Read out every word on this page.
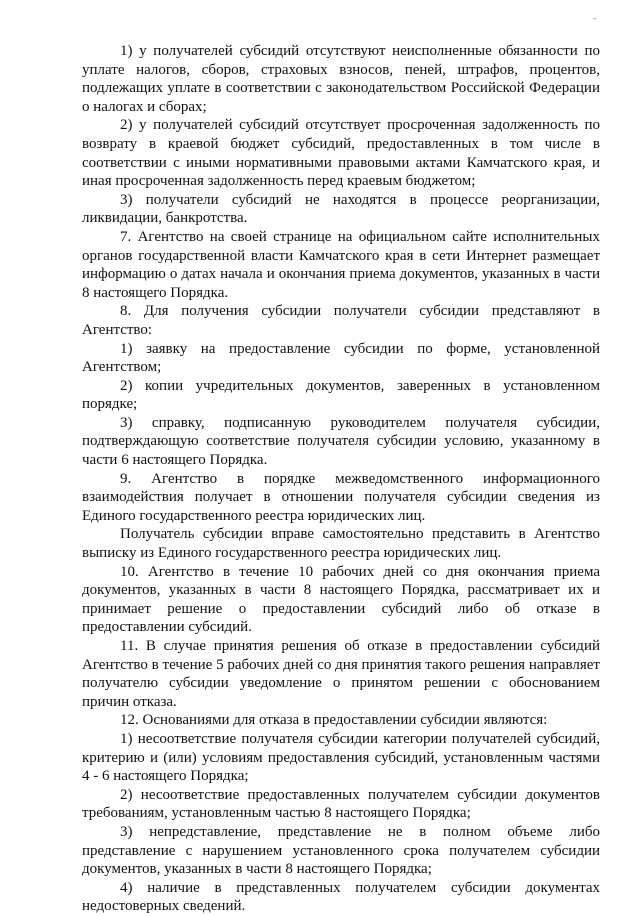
-

1) у получателей субсидий отсутствуют неисполненные обязанности по уплате налогов, сборов, страховых взносов, пеней, штрафов, процентов, подлежащих уплате в соответствии с законодательством Российской Федерации о налогах и сборах;

2) у получателей субсидий отсутствует просроченная задолженность по возврату в краевой бюджет субсидий, предоставленных в том числе в соответствии с иными нормативными правовыми актами Камчатского края, и иная просроченная задолженность перед краевым бюджетом;

3) получатели субсидий не находятся в процессе реорганизации, ликвидации, банкротства.

7. Агентство на своей странице на официальном сайте исполнительных органов государственной власти Камчатского края в сети Интернет размещает информацию о датах начала и окончания приема документов, указанных в части 8 настоящего Порядка.

8. Для получения субсидии получатели субсидии представляют в Агентство:

1) заявку на предоставление субсидии по форме, установленной Агентством;

2) копии учредительных документов, заверенных в установленном порядке;

3) справку, подписанную руководителем получателя субсидии, подтверждающую соответствие получателя субсидии условию, указанному в части 6 настоящего Порядка.

9. Агентство в порядке межведомственного информационного взаимодействия получает в отношении получателя субсидии сведения из Единого государственного реестра юридических лиц.

Получатель субсидии вправе самостоятельно представить в Агентство выписку из Единого государственного реестра юридических лиц.

10. Агентство в течение 10 рабочих дней со дня окончания приема документов, указанных в части 8 настоящего Порядка, рассматривает их и принимает решение о предоставлении субсидий либо об отказе в предоставлении субсидий.

11. В случае принятия решения об отказе в предоставлении субсидий Агентство в течение 5 рабочих дней со дня принятия такого решения направляет получателю субсидии уведомление о принятом решении с обоснованием причин отказа.

12. Основаниями для отказа в предоставлении субсидии являются:

1) несоответствие получателя субсидии категории получателей субсидий, критерию и (или) условиям предоставления субсидий, установленным частями 4 - 6 настоящего Порядка;

2) несоответствие предоставленных получателем субсидии документов требованиям, установленным частью 8 настоящего Порядка;

3) непредставление, представление не в полном объеме либо представление с нарушением установленного срока получателем субсидии документов, указанных в части 8 настоящего Порядка;

4) наличие в представленных получателем субсидии документах недостоверных сведений.
